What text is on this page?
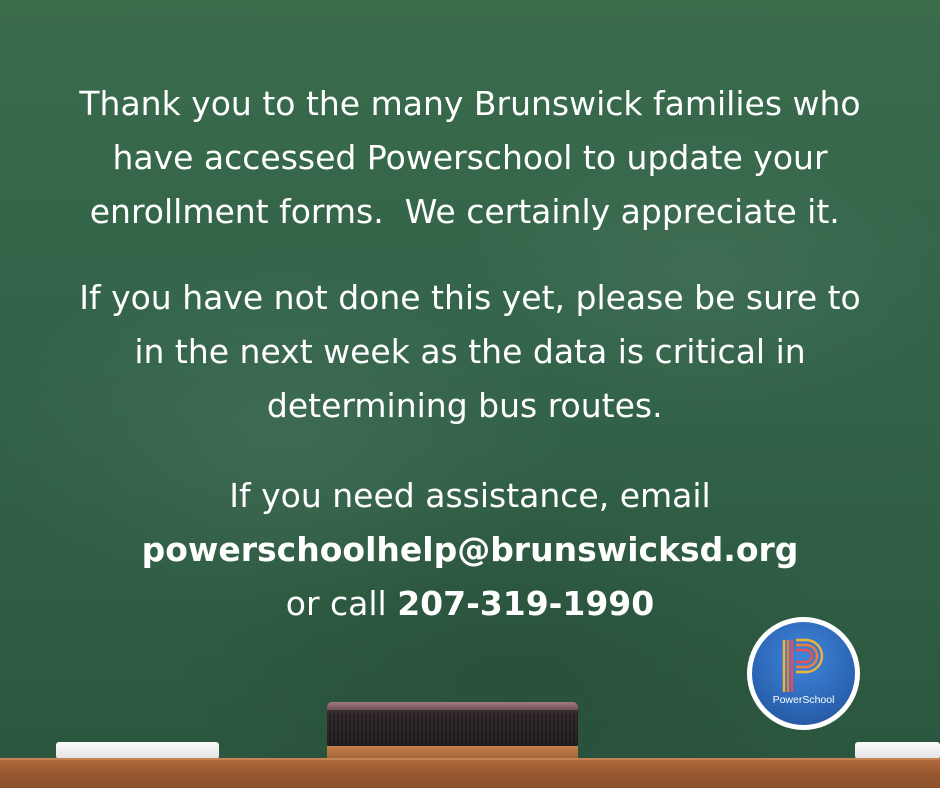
Thank you to the many Brunswick families who
have accessed Powerschool to update your
enrollment forms.  We certainly appreciate it.
If you have not done this yet, please be sure to
in the next week as the data is critical in
determining bus routes.
If you need assistance, email
powerschoolhelp@brunswicksd.org
or call 207-319-1990
PowerSchool
